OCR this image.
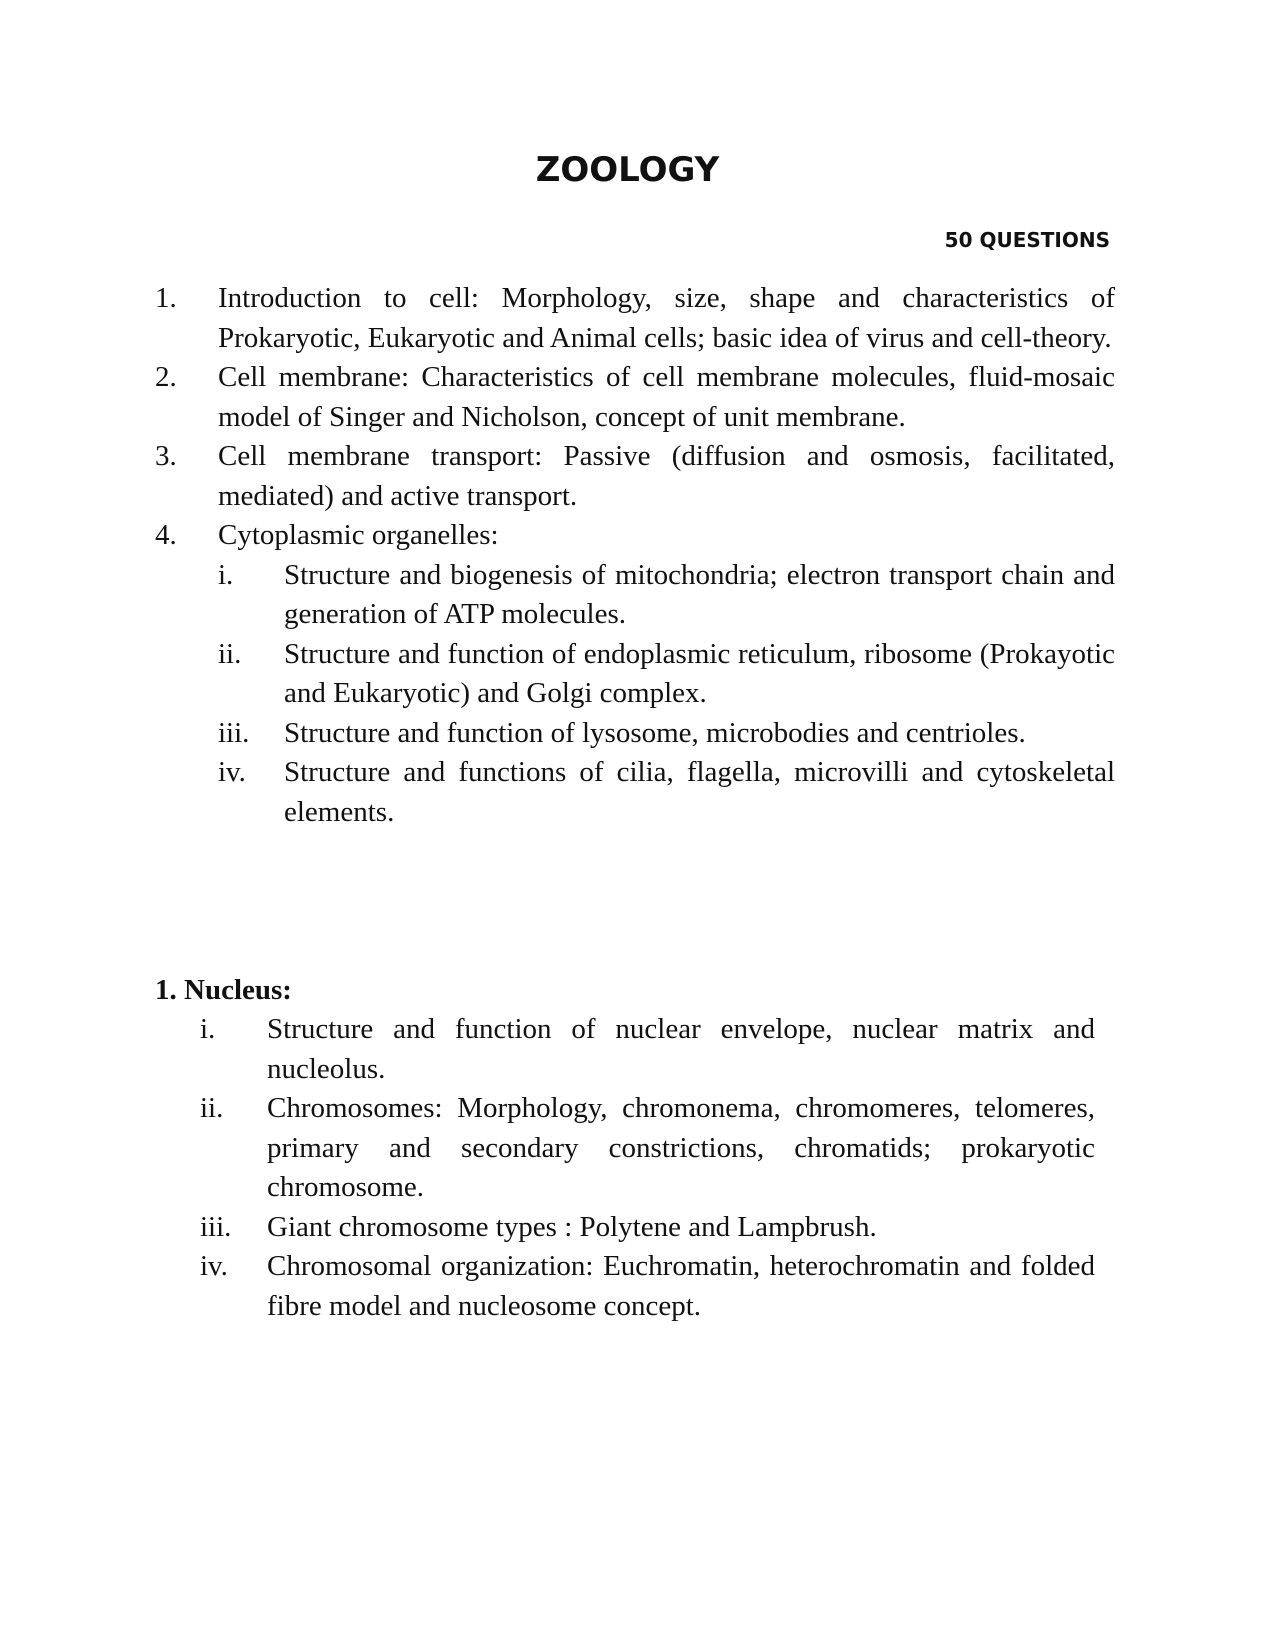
ZOOLOGY
50 QUESTIONS
1.	Introduction to cell: Morphology, size, shape and characteristics of Prokaryotic, Eukaryotic and Animal cells; basic idea of virus and cell-theory.
2.	Cell membrane: Characteristics of cell membrane molecules, fluid-mosaic model of Singer and Nicholson, concept of unit membrane.
3.	Cell membrane transport: Passive (diffusion and osmosis, facilitated, mediated) and active transport.
4.	Cytoplasmic organelles:
i. Structure and biogenesis of mitochondria; electron transport chain and generation of ATP molecules.
ii. Structure and function of endoplasmic reticulum, ribosome (Prokayotic and Eukaryotic) and Golgi complex.
iii. Structure and function of lysosome, microbodies and centrioles.
iv. Structure and functions of cilia, flagella, microvilli and cytoskeletal elements.
1. Nucleus:
i. Structure and function of nuclear envelope, nuclear matrix and nucleolus.
ii. Chromosomes: Morphology, chromonema, chromomeres, telomeres, primary and secondary constrictions, chromatids; prokaryotic chromosome.
iii. Giant chromosome types : Polytene and Lampbrush.
iv. Chromosomal organization: Euchromatin, heterochromatin and folded fibre model and nucleosome concept.
